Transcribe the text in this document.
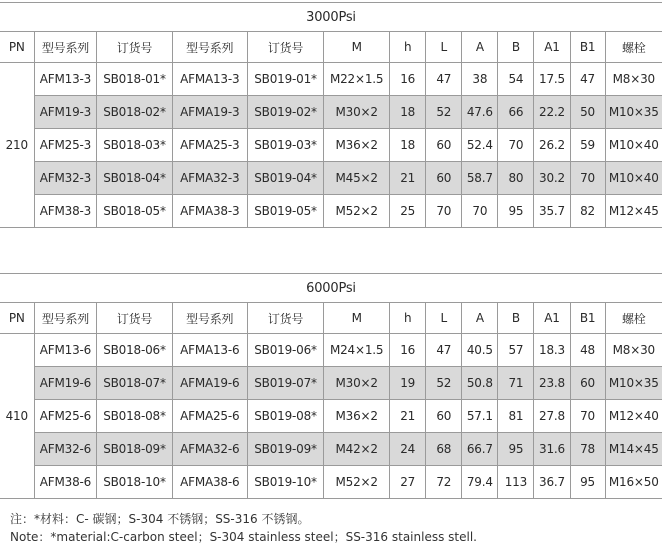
3000Psi												
PN	型号系列	订货号	型号系列	订货号	M	h	L	A	B	A1	B1	螺栓
210	AFM13-3	SB018-01*	AFMA13-3	SB019-01*	M22×1.5	16	47	38	54	17.5	47	M8×30
	AFM19-3	SB018-02*	AFMA19-3	SB019-02*	M30×2	18	52	47.6	66	22.2	50	M10×35
	AFM25-3	SB018-03*	AFMA25-3	SB019-03*	M36×2	18	60	52.4	70	26.2	59	M10×40
	AFM32-3	SB018-04*	AFMA32-3	SB019-04*	M45×2	21	60	58.7	80	30.2	70	M10×40
	AFM38-3	SB018-05*	AFMA38-3	SB019-05*	M52×2	25	70	70	95	35.7	82	M12×45
6000Psi												
PN	型号系列	订货号	型号系列	订货号	M	h	L	A	B	A1	B1	螺栓
410	AFM13-6	SB018-06*	AFMA13-6	SB019-06*	M24×1.5	16	47	40.5	57	18.3	48	M8×30
	AFM19-6	SB018-07*	AFMA19-6	SB019-07*	M30×2	19	52	50.8	71	23.8	60	M10×35
	AFM25-6	SB018-08*	AFMA25-6	SB019-08*	M36×2	21	60	57.1	81	27.8	70	M12×40
	AFM32-6	SB018-09*	AFMA32-6	SB019-09*	M42×2	24	68	66.7	95	31.6	78	M14×45
	AFM38-6	SB018-10*	AFMA38-6	SB019-10*	M52×2	27	72	79.4	113	36.7	95	M16×50
注：*材料：C- 碳钢；S-304 不锈钢；SS-316 不锈钢。
Note：*material:C-carbon steel；S-304 stainless steel；SS-316 stainless stell.
